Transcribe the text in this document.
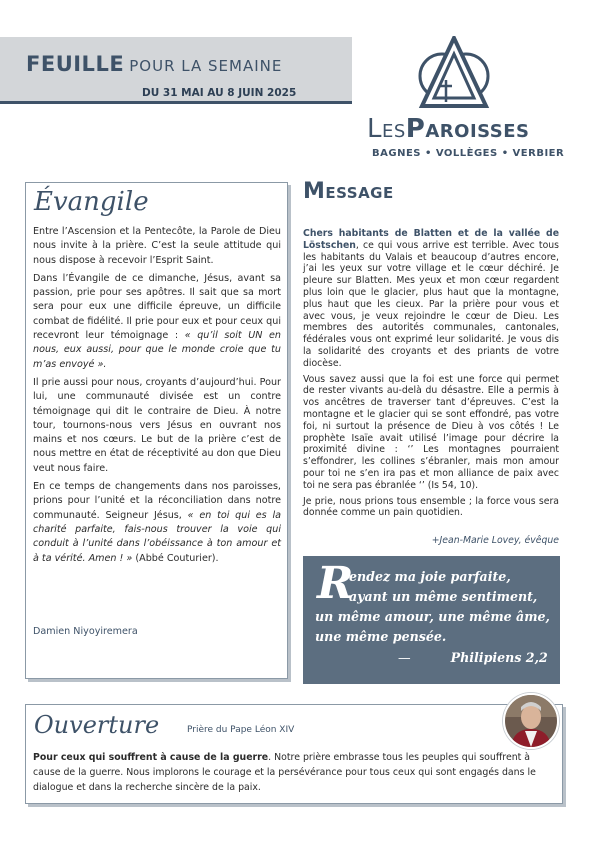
FEUILLE POUR LA SEMAINE
DU 31 MAI AU 8 JUIN 2025
LesParoisses
BAGNES • VOLLÈGES • VERBIER
Évangile

Entre l’Ascension et la Pentecôte, la Parole de Dieu nous invite à la prière. C’est la seule attitude qui nous dispose à recevoir l’Esprit Saint.

Dans l’Évangile de ce dimanche, Jésus, avant sa passion, prie pour ses apôtres. Il sait que sa mort sera pour eux une difficile épreuve, un difficile combat de fidélité. Il prie pour eux et pour ceux qui recevront leur témoignage : « qu’il soit UN en nous, eux aussi, pour que le monde croie que tu m’as envoyé ».

Il prie aussi pour nous, croyants d’aujourd’hui. Pour lui, une communauté divisée est un contre témoignage qui dit le contraire de Dieu. À notre tour, tournons-nous vers Jésus en ouvrant nos mains et nos cœurs. Le but de la prière c’est de nous mettre en état de réceptivité au don que Dieu veut nous faire.

En ce temps de changements dans nos paroisses, prions pour l’unité et la réconciliation dans notre communauté. Seigneur Jésus, « en toi qui es la charité parfaite, fais-nous trouver la voie qui conduit à l’unité dans l’obéissance à ton amour et à ta vérité. Amen ! » (Abbé Couturier).

Damien Niyoyiremera
Message

Chers habitants de Blatten et de la vallée de Löstschen, ce qui vous arrive est terrible. Avec tous les habitants du Valais et beaucoup d’autres encore, j’ai les yeux sur votre village et le cœur déchiré. Je pleure sur Blatten. Mes yeux et mon cœur regardent plus loin que le glacier, plus haut que la montagne, plus haut que les cieux. Par la prière pour vous et avec vous, je veux rejoindre le cœur de Dieu. Les membres des autorités communales, cantonales, fédérales vous ont exprimé leur solidarité. Je vous dis la solidarité des croyants et des priants de votre diocèse.

Vous savez aussi que la foi est une force qui permet de rester vivants au-delà du désastre. Elle a permis à vos ancêtres de traverser tant d’épreuves. C’est la montagne et le glacier qui se sont effondré, pas votre foi, ni surtout la présence de Dieu à vos côtés ! Le prophète Isaïe avait utilisé l’image pour décrire la proximité divine : ‘’ Les montagnes pourraient s’effondrer, les collines s’ébranler, mais mon amour pour toi ne s’en ira pas et mon alliance de paix avec toi ne sera pas ébranlée ‘’ (Is 54, 10).

Je prie, nous prions tous ensemble ; la force vous sera donnée comme un pain quotidien.

+Jean-Marie Lovey, évêque
R
endez ma joie parfaite,
ayant un même sentiment,
un même amour, une même âme,
une même pensée.
—	Philipiens 2,2
Ouverture	Prière du Pape Léon XIV
Pour ceux qui souffrent à cause de la guerre. Notre prière embrasse tous les peuples qui souffrent à cause de la guerre. Nous implorons le courage et la persévérance pour tous ceux qui sont engagés dans le dialogue et dans la recherche sincère de la paix.
